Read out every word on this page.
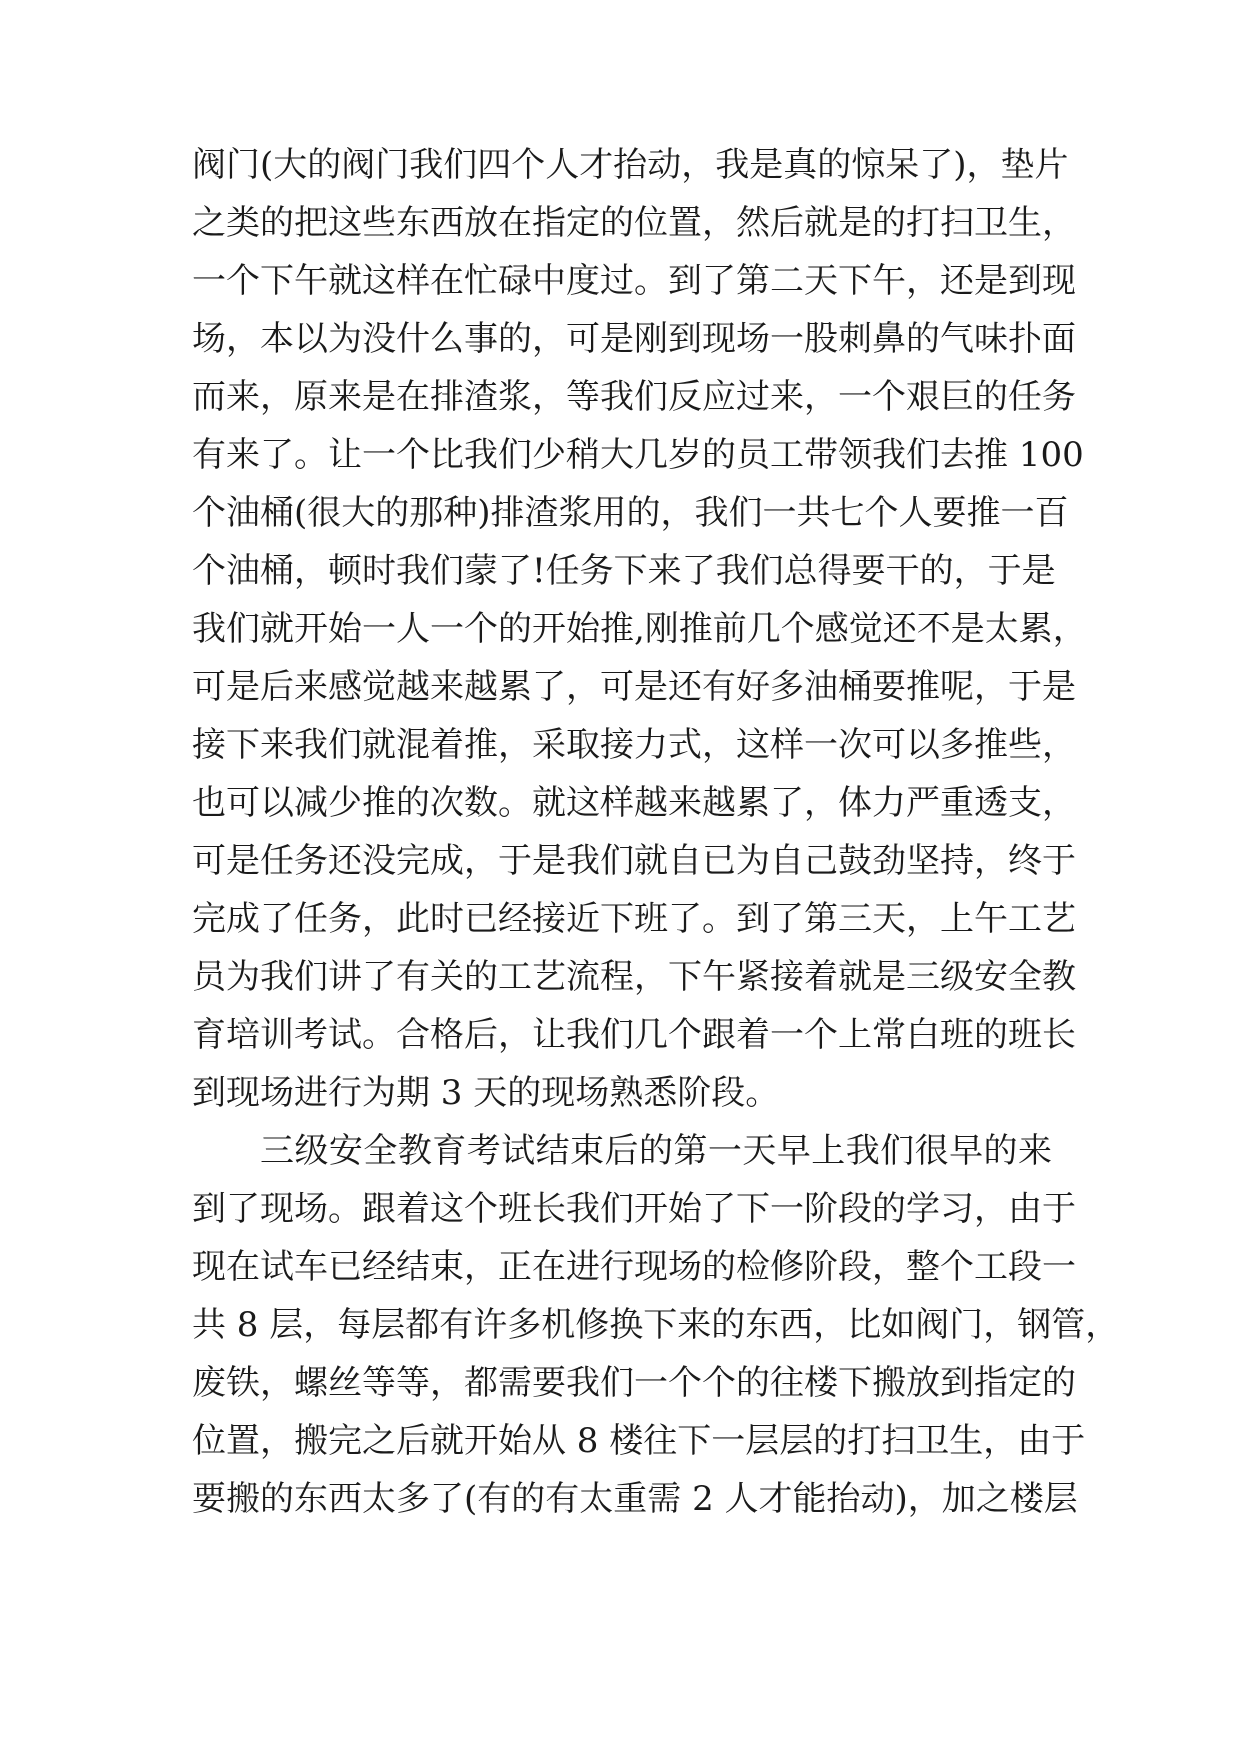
阀门(大的阀门我们四个人才抬动，我是真的惊呆了)，垫片
之类的把这些东西放在指定的位置，然后就是的打扫卫生，
一个下午就这样在忙碌中度过。到了第二天下午，还是到现
场，本以为没什么事的，可是刚到现场一股刺鼻的气味扑面
而来，原来是在排渣浆，等我们反应过来，一个艰巨的任务
有来了。让一个比我们少稍大几岁的员工带领我们去推 100
个油桶(很大的那种)排渣浆用的，我们一共七个人要推一百
个油桶，顿时我们蒙了!任务下来了我们总得要干的，于是
我们就开始一人一个的开始推,刚推前几个感觉还不是太累，
可是后来感觉越来越累了，可是还有好多油桶要推呢，于是
接下来我们就混着推，采取接力式，这样一次可以多推些，
也可以减少推的次数。就这样越来越累了，体力严重透支，
可是任务还没完成，于是我们就自已为自己鼓劲坚持，终于
完成了任务，此时已经接近下班了。到了第三天，上午工艺
员为我们讲了有关的工艺流程，下午紧接着就是三级安全教
育培训考试。合格后，让我们几个跟着一个上常白班的班长
到现场进行为期 3 天的现场熟悉阶段。
三级安全教育考试结束后的第一天早上我们很早的来
到了现场。跟着这个班长我们开始了下一阶段的学习，由于
现在试车已经结束，正在进行现场的检修阶段，整个工段一
共 8 层，每层都有许多机修换下来的东西，比如阀门，钢管，
废铁，螺丝等等，都需要我们一个个的往楼下搬放到指定的
位置，搬完之后就开始从 8 楼往下一层层的打扫卫生，由于
要搬的东西太多了(有的有太重需 2 人才能抬动)，加之楼层
